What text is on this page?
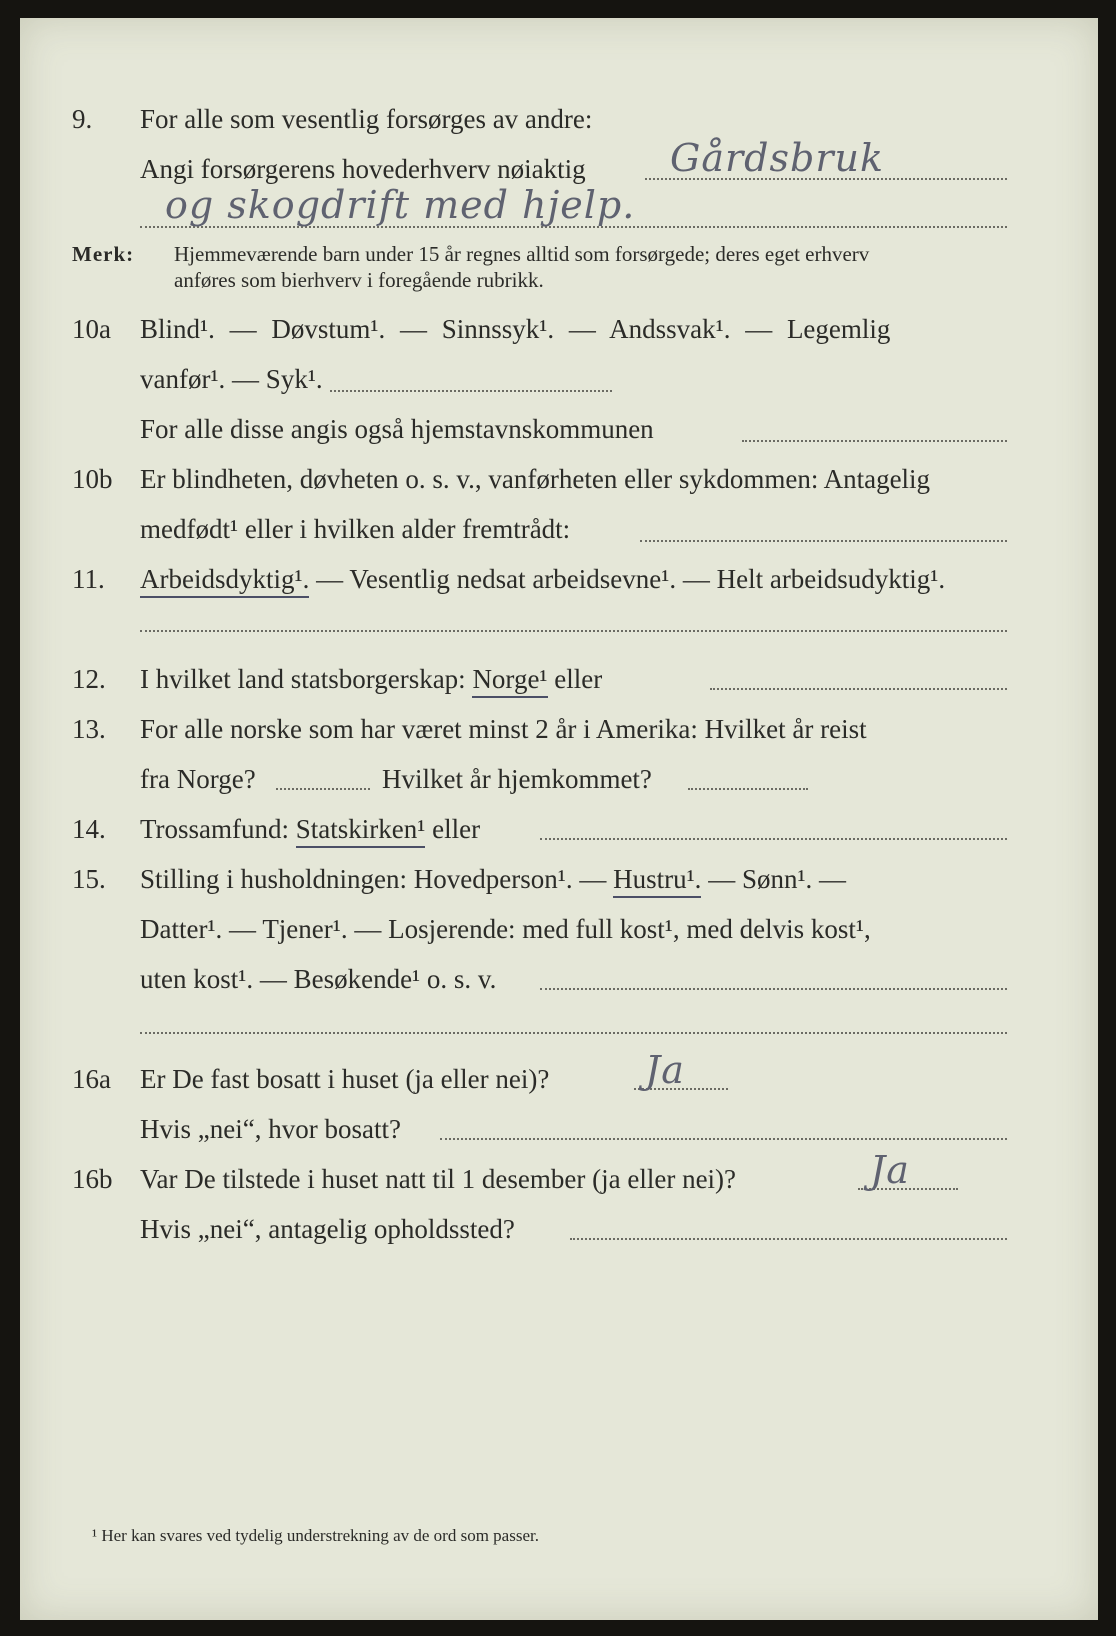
9. For alle som vesentlig forsørges av andre:
Angi forsørgerens hovederhverv nøiaktig Gårdsbruk
og skogdrift med hjelp.
Merk: Hjemmeværende barn under 15 år regnes alltid som forsørgede; deres eget erhverv
anføres som bierhverv i foregående rubrikk.
10a Blind¹. — Døvstum¹. — Sinnssyk¹. — Andssvak¹. — Legemlig
vanfør¹. — Syk¹.
For alle disse angis også hjemstavnskommunen
10b Er blindheten, døvheten o. s. v., vanførheten eller sykdommen: Antagelig
medfødt¹ eller i hvilken alder fremtrådt:
11. Arbeidsdyktig¹. — Vesentlig nedsat arbeidsevne¹. — Helt arbeidsudyktig¹.
12. I hvilket land statsborgerskap: Norge¹ eller
13. For alle norske som har været minst 2 år i Amerika: Hvilket år reist
fra Norge?	Hvilket år hjemkommet?
14. Trossamfund: Statskirken¹ eller
15. Stilling i husholdningen: Hovedperson¹. — Hustru¹. — Sønn¹. —
Datter¹. — Tjener¹. — Losjerende: med full kost¹, med delvis kost¹,
uten kost¹. — Besøkende¹ o. s. v.
16a Er De fast bosatt i huset (ja eller nei)?	Ja
Hvis „nei“, hvor bosatt?
16b Var De tilstede i huset natt til 1 desember (ja eller nei)?	Ja
Hvis „nei“, antagelig opholdssted?
¹ Her kan svares ved tydelig understrekning av de ord som passer.
